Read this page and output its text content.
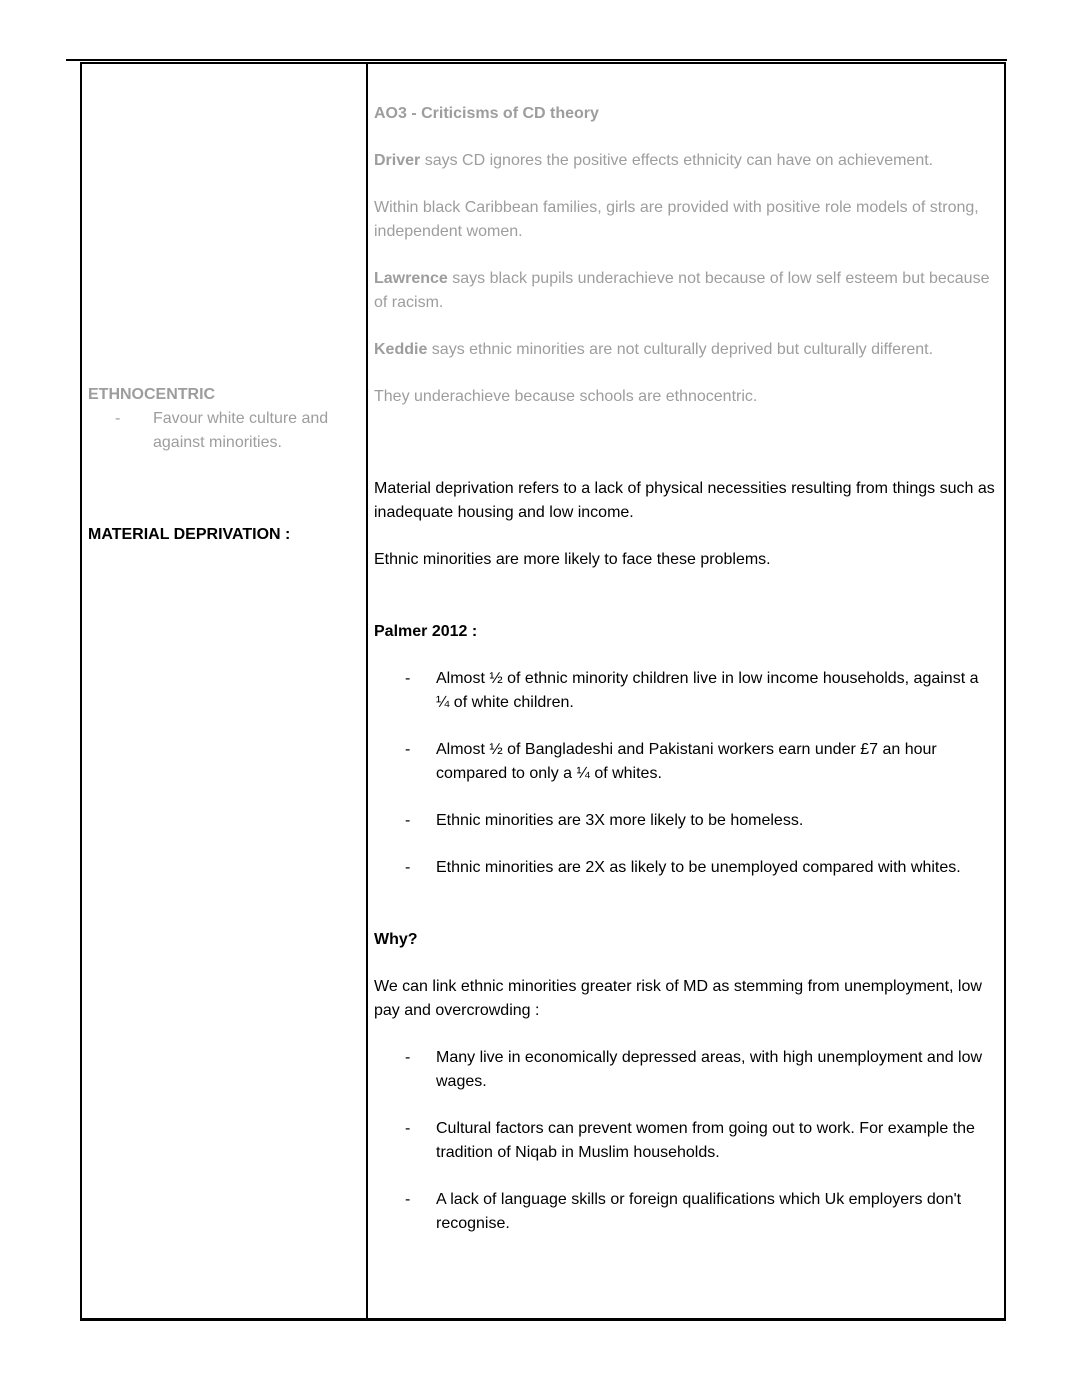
ETHNOCENTRIC

-	Favour white culture and against minorities.

MATERIAL DEPRIVATION :

AO3 - Criticisms of CD theory

Driver says CD ignores the positive effects ethnicity can have on achievement.

Within black Caribbean families, girls are provided with positive role models of strong, independent women.

Lawrence says black pupils underachieve not because of low self esteem but because of racism.

Keddie says ethnic minorities are not culturally deprived but culturally different.

They underachieve because schools are ethnocentric.

Material deprivation refers to a lack of physical necessities resulting from things such as inadequate housing and low income.

Ethnic minorities are more likely to face these problems.

Palmer 2012 :

-	Almost ½ of ethnic minority children live in low income households, against a ¼ of white children.
-	Almost ½ of Bangladeshi and Pakistani workers earn under £7 an hour compared to only a ¼ of whites.
-	Ethnic minorities are 3X more likely to be homeless.
-	Ethnic minorities are 2X as likely to be unemployed compared with whites.

Why?

We can link ethnic minorities greater risk of MD as stemming from unemployment, low pay and overcrowding :

-	Many live in economically depressed areas, with high unemployment and low wages.
-	Cultural factors can prevent women from going out to work. For example the tradition of Niqab in Muslim households.
-	A lack of language skills or foreign qualifications which Uk employers don't recognise.
